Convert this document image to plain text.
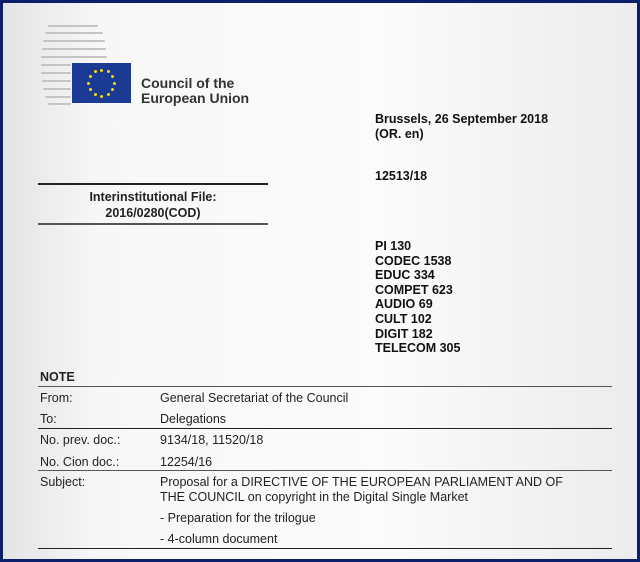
Council of the
European Union
Brussels, 26 September 2018
(OR. en)
12513/18
Interinstitutional File:
2016/0280(COD)
PI 130
CODEC 1538
EDUC 334
COMPET 623
AUDIO 69
CULT 102
DIGIT 182
TELECOM 305
NOTE
From:	General Secretariat of the Council
To:	Delegations
No. prev. doc.:	9134/18, 11520/18
No. Cion doc.:	12254/16
Subject:	Proposal for a DIRECTIVE OF THE EUROPEAN PARLIAMENT AND OF
THE COUNCIL on copyright in the Digital Single Market
- Preparation for the trilogue
- 4-column document
